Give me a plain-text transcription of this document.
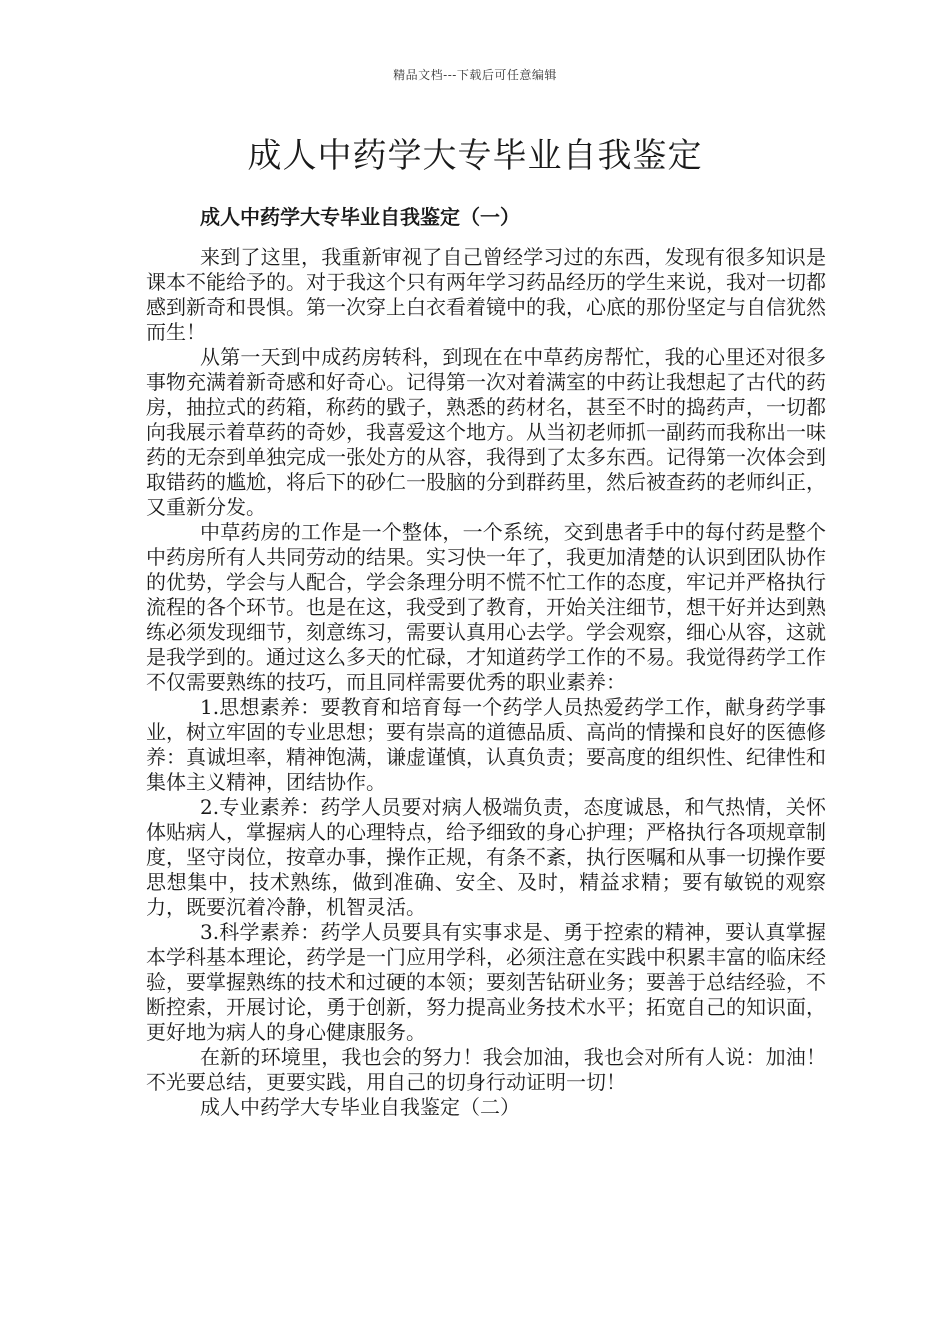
精品文档---下载后可任意编辑
成人中药学大专毕业自我鉴定
成人中药学大专毕业自我鉴定（一）

来到了这里，我重新审视了自己曾经学习过的东西，发现有很多知识是课本不能给予的。对于我这个只有两年学习药品经历的学生来说，我对一切都感到新奇和畏惧。第一次穿上白衣看着镜中的我，心底的那份坚定与自信犹然而生！

从第一天到中成药房转科，到现在在中草药房帮忙，我的心里还对很多事物充满着新奇感和好奇心。记得第一次对着满室的中药让我想起了古代的药房，抽拉式的药箱，称药的戥子，熟悉的药材名，甚至不时的捣药声，一切都向我展示着草药的奇妙，我喜爱这个地方。从当初老师抓一副药而我称出一味药的无奈到单独完成一张处方的从容，我得到了太多东西。记得第一次体会到取错药的尴尬，将后下的砂仁一股脑的分到群药里，然后被查药的老师纠正，又重新分发。

中草药房的工作是一个整体，一个系统，交到患者手中的每付药是整个中药房所有人共同劳动的结果。实习快一年了，我更加清楚的认识到团队协作的优势，学会与人配合，学会条理分明不慌不忙工作的态度，牢记并严格执行流程的各个环节。也是在这，我受到了教育，开始关注细节，想干好并达到熟练必须发现细节，刻意练习，需要认真用心去学。学会观察，细心从容，这就是我学到的。通过这么多天的忙碌，才知道药学工作的不易。我觉得药学工作不仅需要熟练的技巧，而且同样需要优秀的职业素养：

1.思想素养：要教育和培育每一个药学人员热爱药学工作，献身药学事业，树立牢固的专业思想；要有崇高的道德品质、高尚的情操和良好的医德修养：真诚坦率，精神饱满，谦虚谨慎，认真负责；要高度的组织性、纪律性和集体主义精神，团结协作。

2.专业素养：药学人员要对病人极端负责，态度诚恳，和气热情，关怀体贴病人，掌握病人的心理特点，给予细致的身心护理；严格执行各项规章制度，坚守岗位，按章办事，操作正规，有条不紊，执行医嘱和从事一切操作要思想集中，技术熟练，做到准确、安全、及时，精益求精；要有敏锐的观察力，既要沉着冷静，机智灵活。

3.科学素养：药学人员要具有实事求是、勇于控索的精神，要认真掌握本学科基本理论，药学是一门应用学科，必须注意在实践中积累丰富的临床经验，要掌握熟练的技术和过硬的本领；要刻苦钻研业务；要善于总结经验，不断控索，开展讨论，勇于创新，努力提高业务技术水平；拓宽自己的知识面，更好地为病人的身心健康服务。

在新的环境里，我也会的努力！我会加油，我也会对所有人说：加油！不光要总结，更要实践，用自己的切身行动证明一切！

成人中药学大专毕业自我鉴定（二）
